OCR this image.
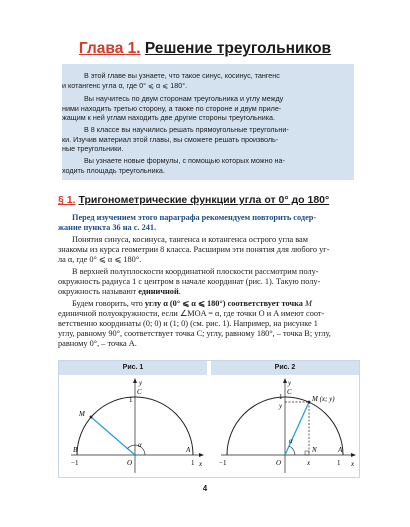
Глава 1. Решение треугольников
В этой главе вы узнаете, что такое синус, косинус, тангенс
и котангенс угла α, где 0° ⩽ α ⩽ 180°.
Вы научитесь по двум сторонам треугольника и углу между
ними находить третью сторону, а также по стороне и двум приле-
жащим к ней углам находить две другие стороны треугольника.
В 8 классе вы научились решать прямоугольные треугольни-
ки. Изучив материал этой главы, вы сможете решать произволь-
ные треугольники.
Вы узнаете новые формулы, с помощью которых можно на-
ходить площадь треугольника.
§ 1. Тригонометрические функции угла от 0° до 180°
Перед изучением этого параграфа рекомендуем повторить содер-
жание пункта 36 на с. 241.
Понятия синуса, косинуса, тангенса и котангенса острого угла вам
знакомы из курса геометрии 8 класса. Расширим эти понятия для любого уг-
ла α, где 0° ⩽ α ⩽ 180°.
В верхней полуплоскости координатной плоскости рассмотрим полу-
окружность радиуса 1 с центром в начале координат (рис. 1). Такую полу-
окружность называют единичной.
Будем говорить, что углу α (0° ⩽ α ⩽ 180°) соответствует точка M
единичной полуокружности, если ∠MOA = α, где точки O и A имеют соот-
ветственно координаты (0; 0) и (1; 0) (см. рис. 1). Например, на рисунке 1
углу, равному 90°, соответствует точка C; углу, равному 180°, – точка B; углу,
равному 0°, – точка A.
Рис. 1	Рис. 2
y
C
1
M
α
B	A
−1	O	1 x
y
C
1
y
M (x; y)
α
−1	O
N
x	1
A
x
4
